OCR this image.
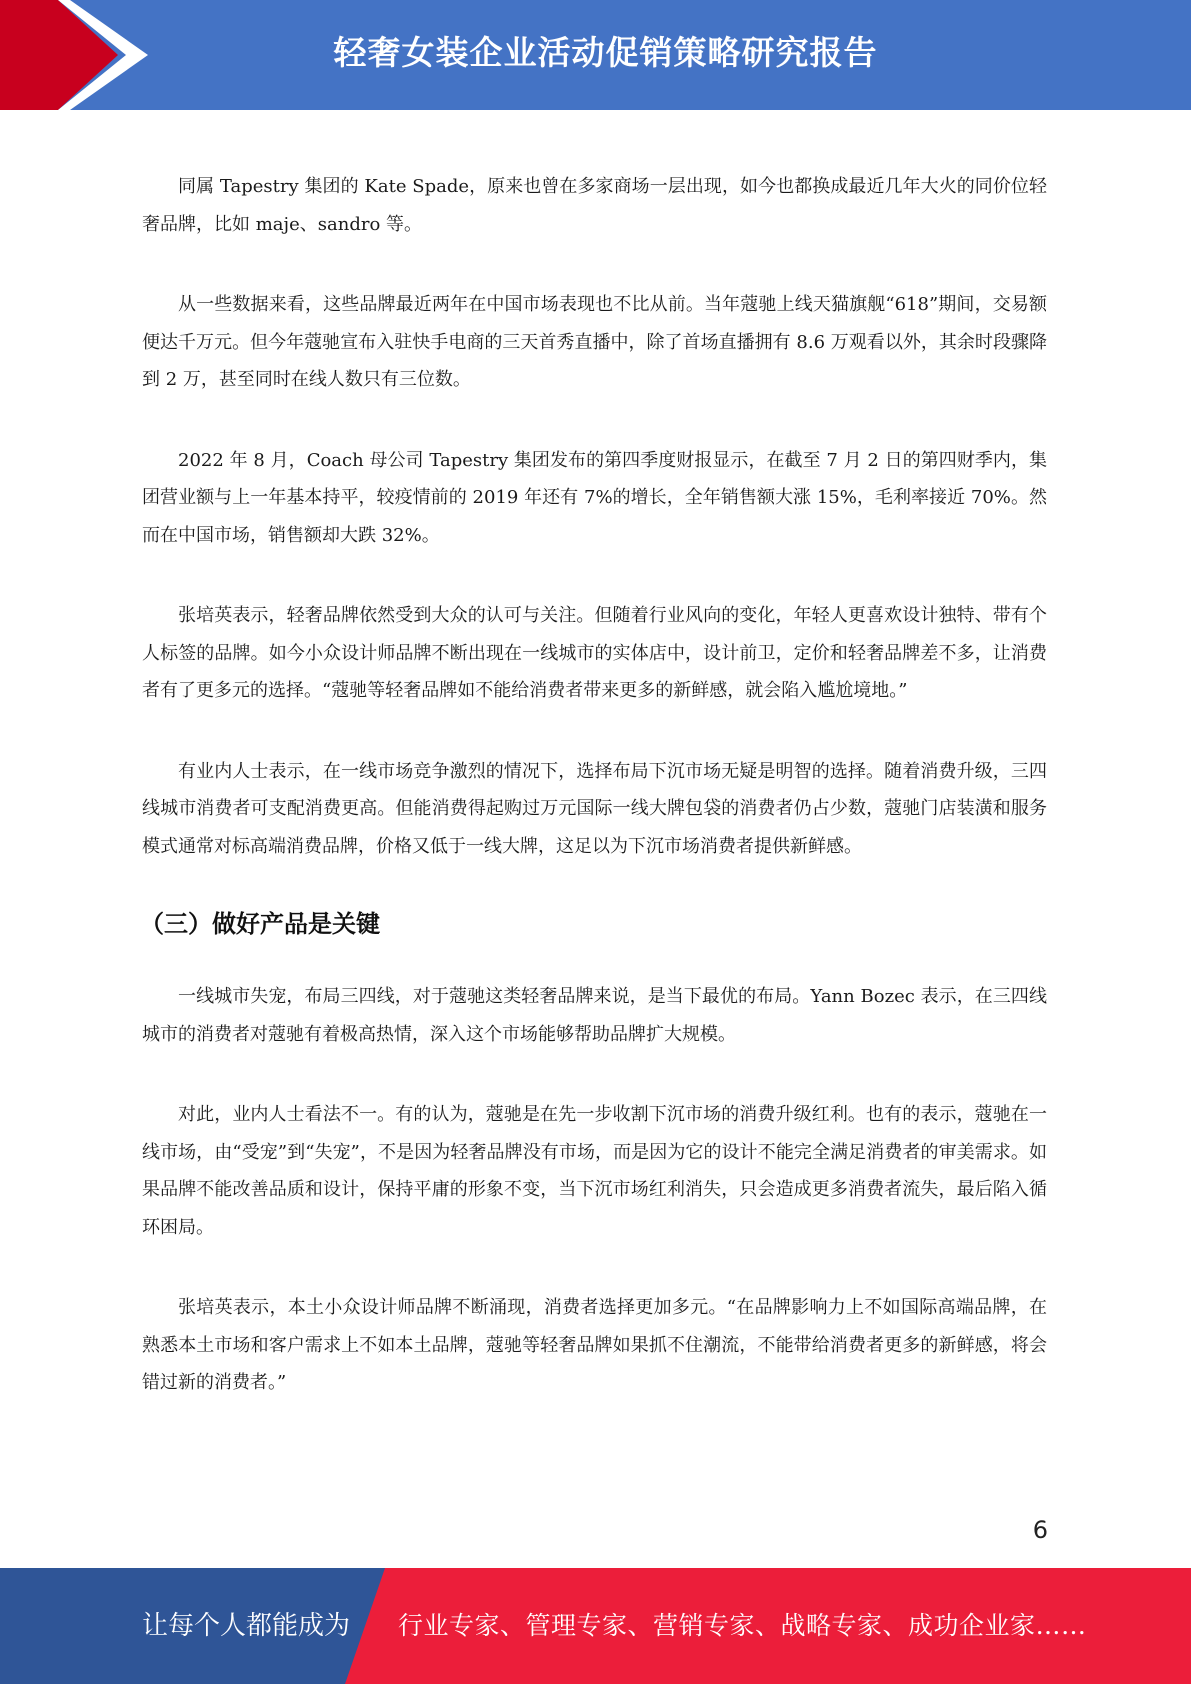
轻奢女装企业活动促销策略研究报告

同属 Tapestry 集团的 Kate Spade，原来也曾在多家商场一层出现，如今也都换成最近几年大火的同价位轻奢品牌，比如 maje、sandro 等。

从一些数据来看，这些品牌最近两年在中国市场表现也不比从前。当年蔻驰上线天猫旗舰“618”期间，交易额便达千万元。但今年蔻驰宣布入驻快手电商的三天首秀直播中，除了首场直播拥有 8.6 万观看以外，其余时段骤降到 2 万，甚至同时在线人数只有三位数。

2022 年 8 月，Coach 母公司 Tapestry 集团发布的第四季度财报显示，在截至 7 月 2 日的第四财季内，集团营业额与上一年基本持平，较疫情前的 2019 年还有 7%的增长，全年销售额大涨 15%，毛利率接近 70%。然而在中国市场，销售额却大跌 32%。

张培英表示，轻奢品牌依然受到大众的认可与关注。但随着行业风向的变化，年轻人更喜欢设计独特、带有个人标签的品牌。如今小众设计师品牌不断出现在一线城市的实体店中，设计前卫，定价和轻奢品牌差不多，让消费者有了更多元的选择。“蔻驰等轻奢品牌如不能给消费者带来更多的新鲜感，就会陷入尴尬境地。”

有业内人士表示，在一线市场竞争激烈的情况下，选择布局下沉市场无疑是明智的选择。随着消费升级，三四线城市消费者可支配消费更高。但能消费得起购过万元国际一线大牌包袋的消费者仍占少数，蔻驰门店装潢和服务模式通常对标高端消费品牌，价格又低于一线大牌，这足以为下沉市场消费者提供新鲜感。

（三）做好产品是关键

一线城市失宠，布局三四线，对于蔻驰这类轻奢品牌来说，是当下最优的布局。Yann Bozec 表示，在三四线城市的消费者对蔻驰有着极高热情，深入这个市场能够帮助品牌扩大规模。

对此，业内人士看法不一。有的认为，蔻驰是在先一步收割下沉市场的消费升级红利。也有的表示，蔻驰在一线市场，由“受宠”到“失宠”，不是因为轻奢品牌没有市场，而是因为它的设计不能完全满足消费者的审美需求。如果品牌不能改善品质和设计，保持平庸的形象不变，当下沉市场红利消失，只会造成更多消费者流失，最后陷入循环困局。

张培英表示，本土小众设计师品牌不断涌现，消费者选择更加多元。“在品牌影响力上不如国际高端品牌，在熟悉本土市场和客户需求上不如本土品牌，蔻驰等轻奢品牌如果抓不住潮流，不能带给消费者更多的新鲜感，将会错过新的消费者。”

6
让每个人都能成为 行业专家、管理专家、营销专家、战略专家、成功企业家……
